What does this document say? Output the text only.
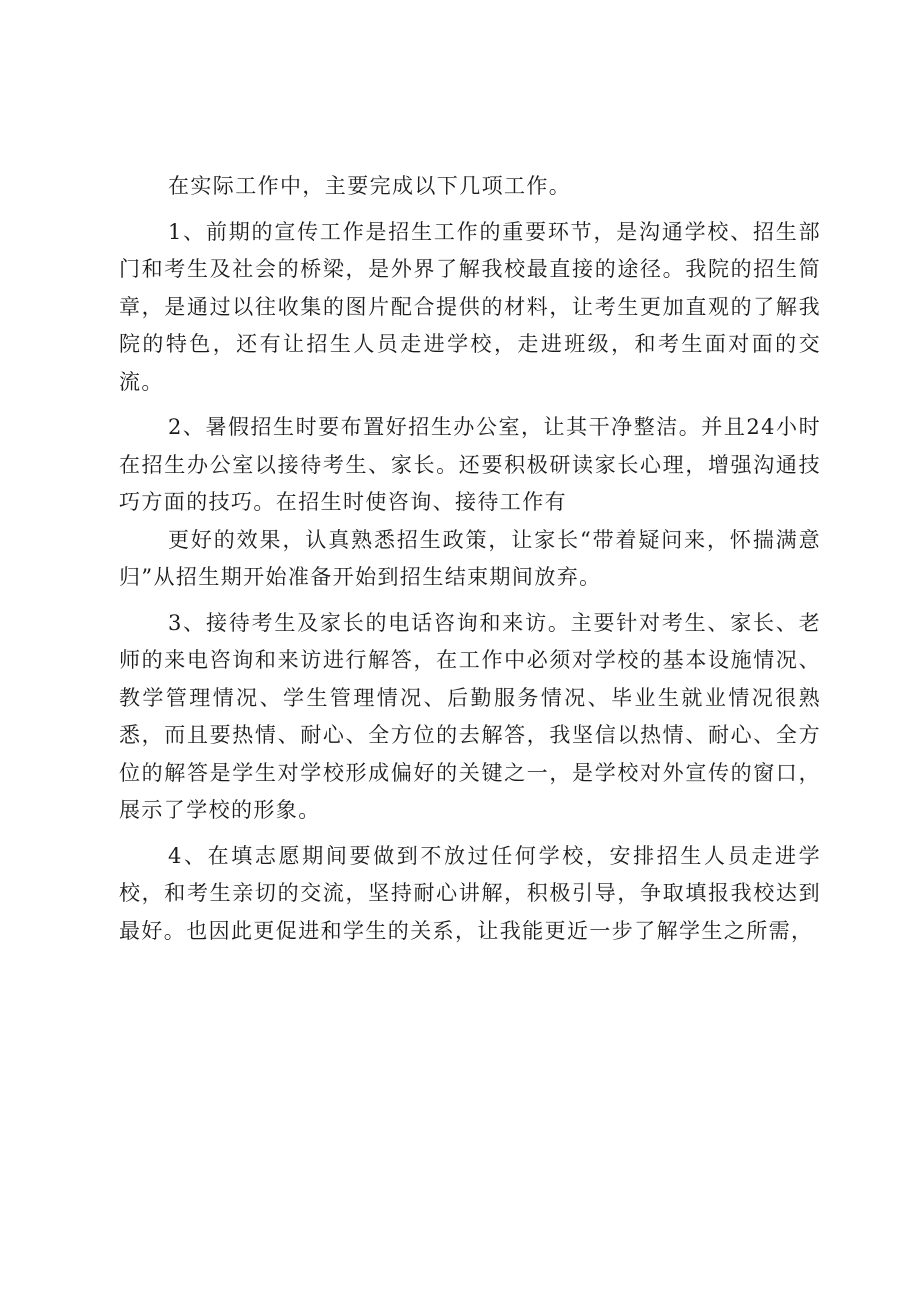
在实际工作中，主要完成以下几项工作。

1、前期的宣传工作是招生工作的重要环节，是沟通学校、招生部门和考生及社会的桥梁，是外界了解我校最直接的途径。我院的招生简章，是通过以往收集的图片配合提供的材料，让考生更加直观的了解我院的特色，还有让招生人员走进学校，走进班级，和考生面对面的交流。

2、暑假招生时要布置好招生办公室，让其干净整洁。并且24小时在招生办公室以接待考生、家长。还要积极研读家长心理，增强沟通技巧方面的技巧。在招生时使咨询、接待工作有

更好的效果，认真熟悉招生政策，让家长“带着疑问来，怀揣满意归”从招生期开始准备开始到招生结束期间放弃。

3、接待考生及家长的电话咨询和来访。主要针对考生、家长、老师的来电咨询和来访进行解答，在工作中必须对学校的基本设施情况、教学管理情况、学生管理情况、后勤服务情况、毕业生就业情况很熟悉，而且要热情、耐心、全方位的去解答，我坚信以热情、耐心、全方位的解答是学生对学校形成偏好的关键之一，是学校对外宣传的窗口，展示了学校的形象。

4、在填志愿期间要做到不放过任何学校，安排招生人员走进学校，和考生亲切的交流，坚持耐心讲解，积极引导，争取填报我校达到最好。也因此更促进和学生的关系，让我能更近一步了解学生之所需，
